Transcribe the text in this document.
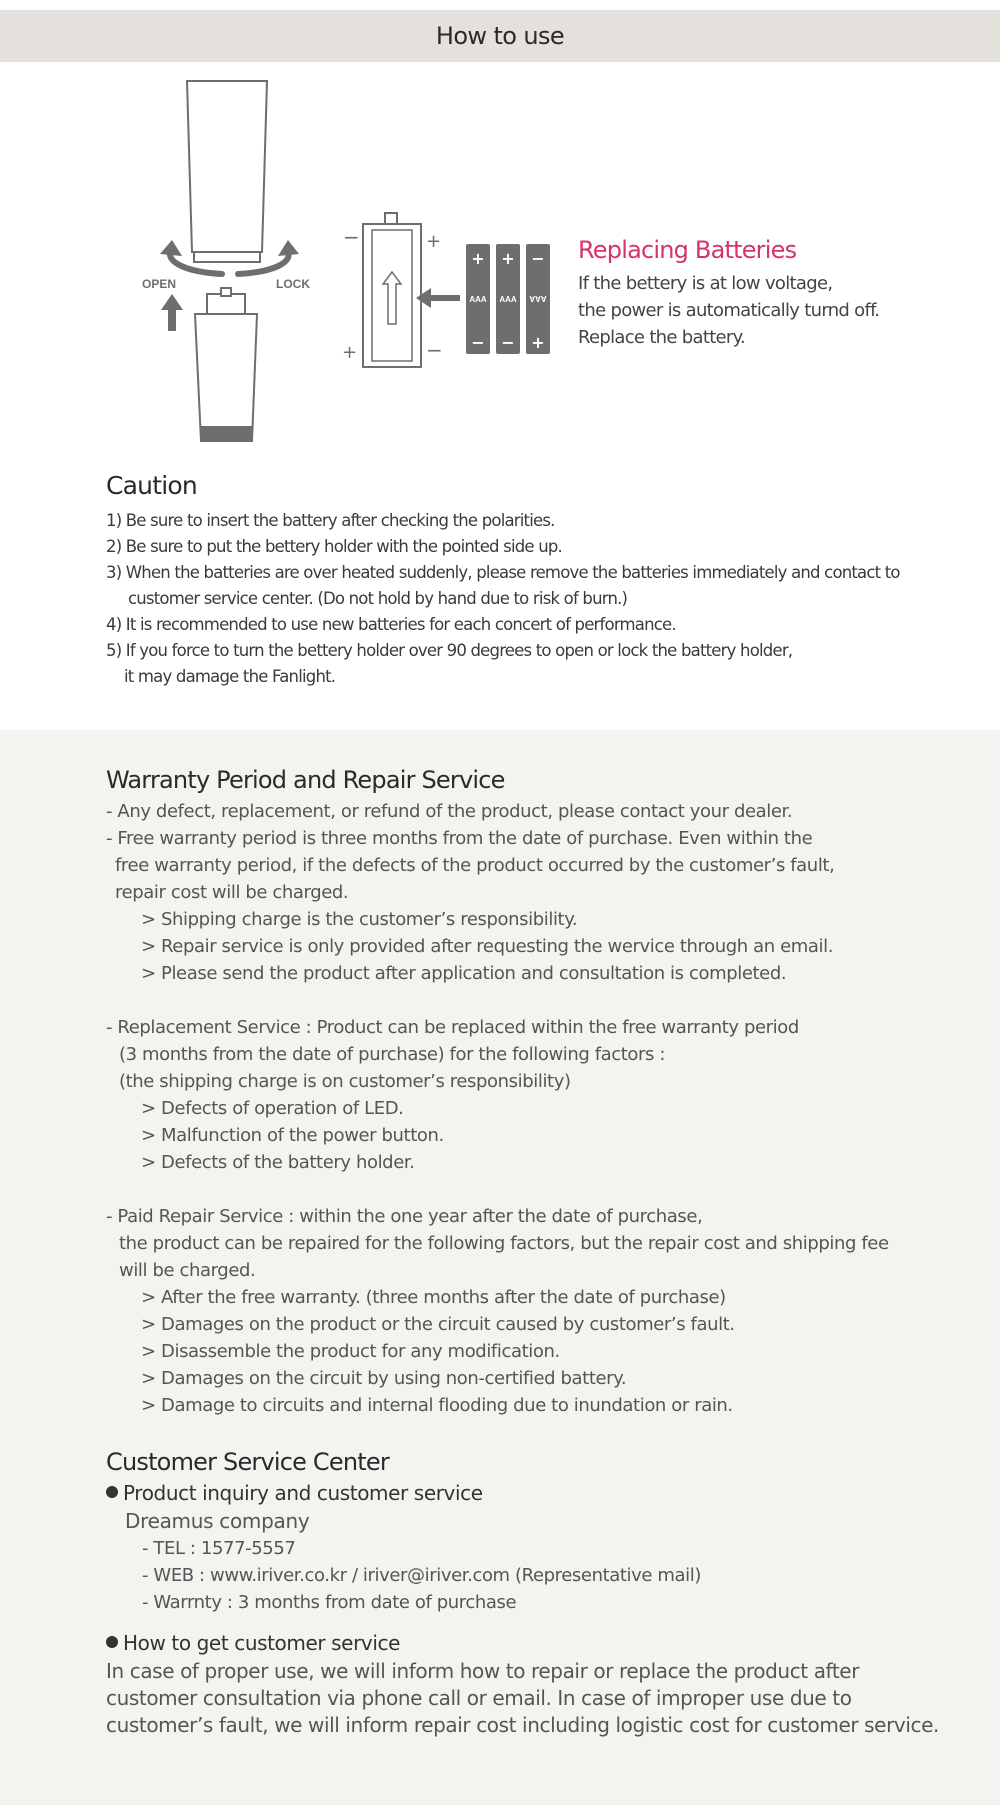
How to use
OPEN	LOCK
−	+
+	−
+ + −
AAA AAA AAA
− − +
Replacing Batteries
If the bettery is at low voltage,
the power is automatically turnd off.
Replace the battery.
Caution
1) Be sure to insert the battery after checking the polarities.
2) Be sure to put the bettery holder with the pointed side up.
3) When the batteries are over heated suddenly, please remove the batteries immediately and contact to
customer service center. (Do not hold by hand due to risk of burn.)
4) It is recommended to use new batteries for each concert of performance.
5) If you force to turn the bettery holder over 90 degrees to open or lock the battery holder,
it may damage the Fanlight.
Warranty Period and Repair Service
- Any defect, replacement, or refund of the product, please contact your dealer.
- Free warranty period is three months from the date of purchase. Even within the
free warranty period, if the defects of the product occurred by the customer’s fault,
repair cost will be charged.
> Shipping charge is the customer’s responsibility.
> Repair service is only provided after requesting the wervice through an email.
> Please send the product after application and consultation is completed.
- Replacement Service : Product can be replaced within the free warranty period
(3 months from the date of purchase) for the following factors :
(the shipping charge is on customer’s responsibility)
> Defects of operation of LED.
> Malfunction of the power button.
> Defects of the battery holder.
- Paid Repair Service : within the one year after the date of purchase,
the product can be repaired for the following factors, but the repair cost and shipping fee
will be charged.
> After the free warranty. (three months after the date of purchase)
> Damages on the product or the circuit caused by customer’s fault.
> Disassemble the product for any modification.
> Damages on the circuit by using non-certified battery.
> Damage to circuits and internal flooding due to inundation or rain.
Customer Service Center
Product inquiry and customer service
Dreamus company
- TEL : 1577-5557
- WEB : www.iriver.co.kr / iriver@iriver.com (Representative mail)
- Warrnty : 3 months from date of purchase
How to get customer service
In case of proper use, we will inform how to repair or replace the product after
customer consultation via phone call or email. In case of improper use due to
customer’s fault, we will inform repair cost including logistic cost for customer service.
